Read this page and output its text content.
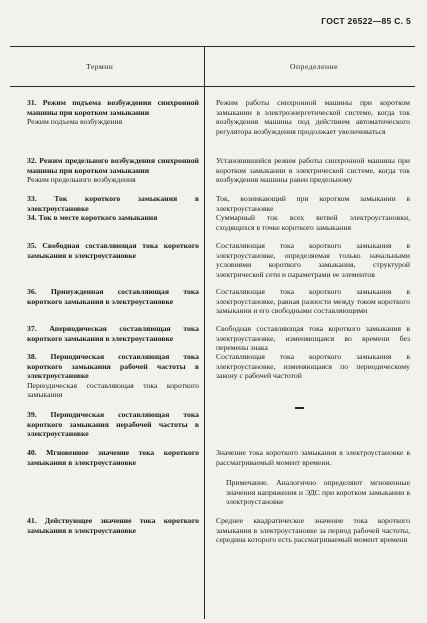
ГОСТ 26522—85 С. 5
Термин	Определение
31. Режим подъема возбуждения синхронной машины при коротком замыкании
Режим подъема возбуждения
32. Режим предельного возбуждения синхронной машины при коротком замыкании
Режим предельного возбуждения
33. Ток короткого замыкания в электроустановке
34. Ток в месте короткого замыкания
35. Свободная составляющая тока короткого замыкания в электроустановке
36. Принужденная составляющая тока короткого замыкания в электроустановке
37. Апериодическая составляющая тока короткого замыкания в электроустановке
38. Периодическая составляющая тока короткого замыкания рабочей частоты в электроустановке
Периодическая составляющая тока короткого замыкания
39. Периодическая составляющая тока короткого замыкания нерабочей частоты в электроустановке
40. Мгновенное значение тока короткого замыкания в электроустановке
41. Действующее значение тока короткого замыкания в электроустановке

Режим работы синхронной машины при коротком замыкании в электроэнергетической системе, когда ток возбуждения машины под действием автоматического регулятора возбуждения продолжает увеличиваться

Установившийся режим работы синхронной машины при коротком замыкании в электрической системе, когда ток возбуждения машины равен предельному

Ток, возникающий при коротком замыкании в электроустановке

Суммарный ток всех ветвей электроустановки, сходящихся в точке короткого замыкания

Составляющая тока короткого замыкания в электроустановке, определяемая только начальными условиями короткого замыкания, структурой электрической сети и параметрами ее элементов

Составляющая тока короткого замыкания в электроустановке, равная разности между током короткого замыкания и его свободными составляющими

Свободная составляющая тока короткого замыкания в электроустановке, изменяющаяся во времени без перемены знака

Составляющая тока короткого замыкания в электроустановке, изменяющаяся по периодическому закону с рабочей частотой

Значение тока короткого замыкания в электроустановке в рассматриваемый момент времени.

Примечание. Аналогично определяют мгновенные значения напряжения и ЭДС при коротком замыкании в электроустановке

Среднее квадратическое значение тока короткого замыкания в электроустановке за период рабочей частоты, середина которого есть рассматриваемый момент времени
